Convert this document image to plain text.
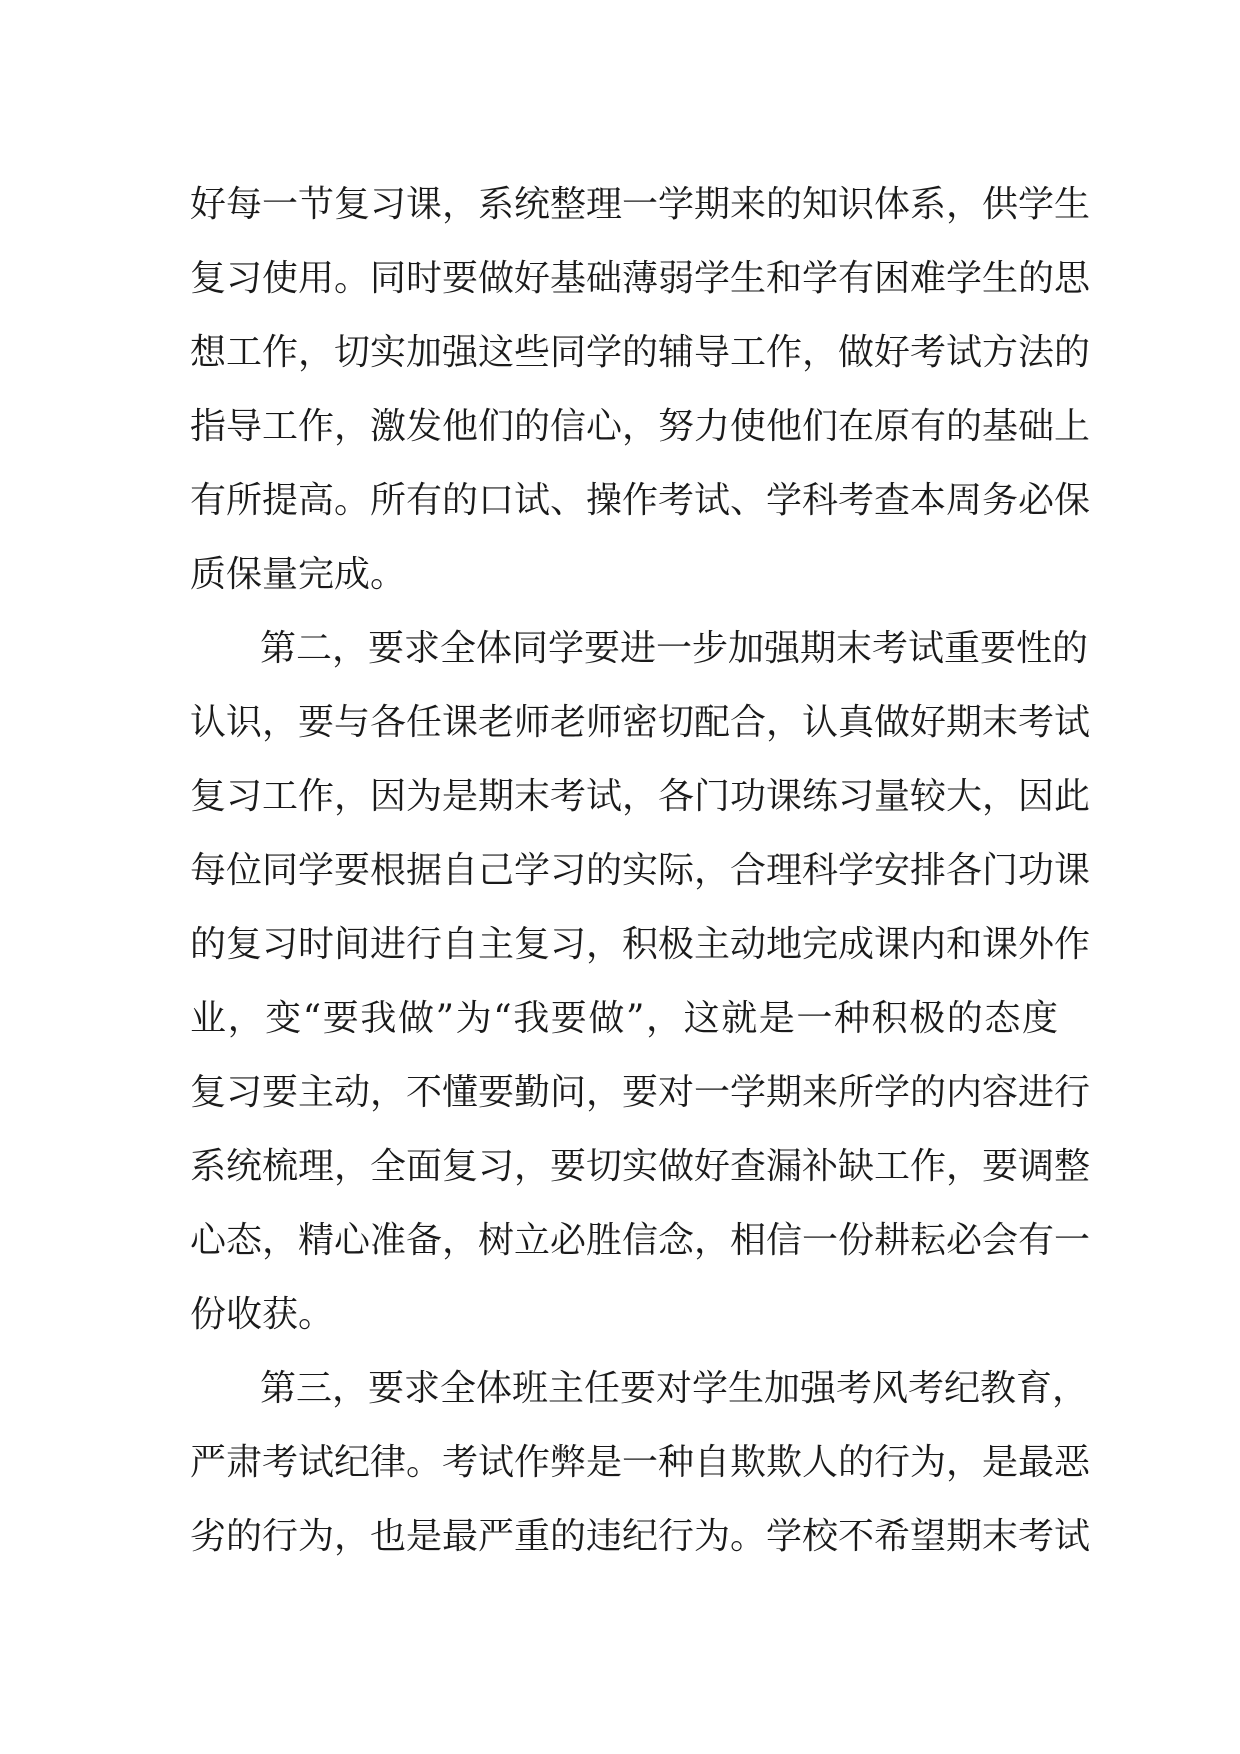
好每一节复习课，系统整理一学期来的知识体系，供学生
复习使用。同时要做好基础薄弱学生和学有困难学生的思
想工作，切实加强这些同学的辅导工作，做好考试方法的
指导工作，激发他们的信心，努力使他们在原有的基础上
有所提高。所有的口试、操作考试、学科考查本周务必保
质保量完成。
第二，要求全体同学要进一步加强期末考试重要性的
认识，要与各任课老师老师密切配合，认真做好期末考试
复习工作，因为是期末考试，各门功课练习量较大，因此
每位同学要根据自己学习的实际，合理科学安排各门功课
的复习时间进行自主复习，积极主动地完成课内和课外作
业，变“要我做”为“我要做”，这就是一种积极的态度
复习要主动，不懂要勤问，要对一学期来所学的内容进行
系统梳理，全面复习，要切实做好查漏补缺工作，要调整
心态，精心准备，树立必胜信念，相信一份耕耘必会有一
份收获。
第三，要求全体班主任要对学生加强考风考纪教育，
严肃考试纪律。考试作弊是一种自欺欺人的行为，是最恶
劣的行为，也是最严重的违纪行为。学校不希望期末考试
